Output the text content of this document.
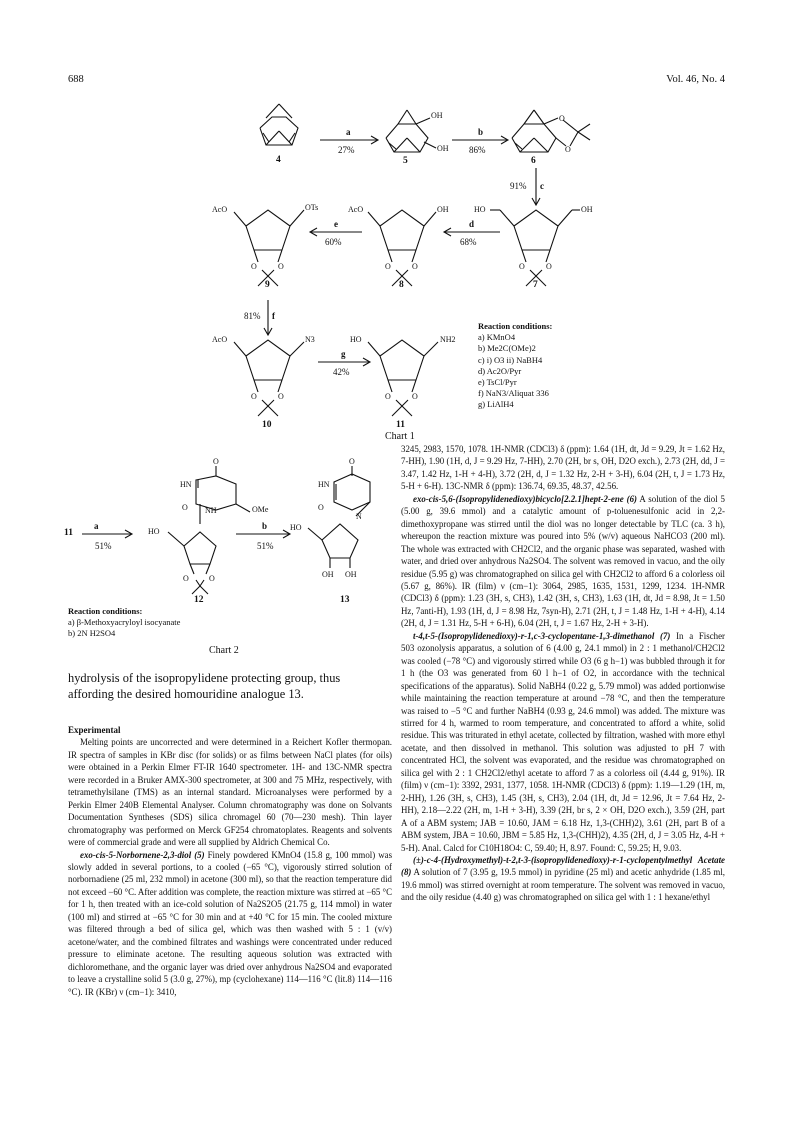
688	Vol. 46, No. 4
4	5	6
7
8
9
10	11
a	b
c
d
e
f
g
27%	86%
91%
68%
60%
81%
42%
OH
OH
O
O
HO	OH
O	O
AcO	OH
O	O
AcO	OTs
O	O
AcO	N3
O	O
HO	NH2
O	O
Reaction conditions:
a) KMnO4
b) Me2C(OMe)2
c) i) O3 ii) NaBH4
d) Ac2O/Pyr
e) TsCl/Pyr
f) NaN3/Aliquat 336
g) LiAlH4
Chart 1
11
a
51%
b
51%
12	13
O
HN
O NH	OMe
HO
O	O
O
HN
O
N
HO
OH OH
Reaction conditions:
a) β-Methoxyacryloyl isocyanate
b) 2N H2SO4
Chart 2
hydrolysis of the isopropylidene protecting group, thus affording the desired homouridine analogue 13.
Experimental

Melting points are uncorrected and were determined in a Reichert Kofler thermopan. IR spectra of samples in KBr disc (for solids) or as films between NaCl plates (for oils) were obtained in a Perkin Elmer FT-IR 1640 spectrometer. 1H- and 13C-NMR spectra were recorded in a Bruker AMX-300 spectrometer, at 300 and 75 MHz, respectively, with tetramethylsilane (TMS) as an internal standard. Microanalyses were performed by a Perkin Elmer 240B Elemental Analyser. Column chromatography was done on Solvants Documentation Syntheses (SDS) silica chromagel 60 (70—230 mesh). Thin layer chromatography was performed on Merck GF254 chromatoplates. Reagents and solvents were of commercial grade and were all supplied by Aldrich Chemical Co.

exo-cis-5-Norbornene-2,3-diol (5) Finely powdered KMnO4 (15.8 g, 100 mmol) was slowly added in several portions, to a cooled (−65 °C), vigorously stirred solution of norbornadiene (25 ml, 232 mmol) in acetone (300 ml), so that the reaction temperature did not exceed −60 °C. After addition was complete, the reaction mixture was stirred at −65 °C for 1 h, then treated with an ice-cold solution of Na2S2O5 (21.75 g, 114 mmol) in water (100 ml) and stirred at −65 °C for 30 min and at +40 °C for 15 min. The cooled mixture was filtered through a bed of silica gel, which was then washed with 5 : 1 (v/v) acetone/water, and the combined filtrates and washings were concentrated under reduced pressure to eliminate acetone. The resulting aqueous solution was extracted with dichloromethane, and the organic layer was dried over anhydrous Na2SO4 and evaporated to leave a crystalline solid 5 (3.0 g, 27%), mp (cyclohexane) 114—116 °C (lit.8) 114—116 °C). IR (KBr) ν (cm−1): 3410,

3245, 2983, 1570, 1078. 1H-NMR (CDCl3) δ (ppm): 1.64 (1H, dt, Jd = 9.29, Jt = 1.62 Hz, 7-HH), 1.90 (1H, d, J = 9.29 Hz, 7-HH), 2.70 (2H, br s, OH, D2O exch.), 2.73 (2H, dd, J = 3.47, 1.42 Hz, 1-H + 4-H), 3.72 (2H, d, J = 1.32 Hz, 2-H + 3-H), 6.04 (2H, t, J = 1.73 Hz, 5-H + 6-H). 13C-NMR δ (ppm): 136.74, 69.35, 48.37, 42.56.

exo-cis-5,6-(Isopropylidenedioxy)bicyclo[2.2.1]hept-2-ene (6) A solution of the diol 5 (5.00 g, 39.6 mmol) and a catalytic amount of p-toluenesulfonic acid in 2,2-dimethoxypropane was stirred until the diol was no longer detectable by TLC (ca. 3 h), whereupon the reaction mixture was poured into 5% (w/v) aqueous NaHCO3 (200 ml). The whole was extracted with CH2Cl2, and the organic phase was separated, washed with water, and dried over anhydrous Na2SO4. The solvent was removed in vacuo, and the oily residue (5.95 g) was chromatographed on silica gel with CH2Cl2 to afford 6 a colorless oil (5.67 g, 86%). IR (film) ν (cm−1): 3064, 2985, 1635, 1531, 1299, 1234. 1H-NMR (CDCl3) δ (ppm): 1.23 (3H, s, CH3), 1.42 (3H, s, CH3), 1.63 (1H, dt, Jd = 8.98, Jt = 1.50 Hz, 7anti-H), 1.93 (1H, d, J = 8.98 Hz, 7syn-H), 2.71 (2H, t, J = 1.48 Hz, 1-H + 4-H), 4.14 (2H, d, J = 1.31 Hz, 5-H + 6-H), 6.04 (2H, t, J = 1.67 Hz, 2-H + 3-H).

t-4,t-5-(Isopropylidenedioxy)-r-1,c-3-cyclopentane-1,3-dimethanol (7) In a Fischer 503 ozonolysis apparatus, a solution of 6 (4.00 g, 24.1 mmol) in 2 : 1 methanol/CH2Cl2 was cooled (−78 °C) and vigorously stirred while O3 (6 g h−1) was bubbled through it for 1 h (the O3 was generated from 60 l h−1 of O2, in accordance with the technical specifications of the apparatus). Solid NaBH4 (0.22 g, 5.79 mmol) was added portionwise while maintaining the reaction temperature at around −78 °C, and then the temperature was raised to −5 °C and further NaBH4 (0.93 g, 24.6 mmol) was added. The mixture was stirred for 4 h, warmed to room temperature, and concentrated to afford a white, solid residue. This was triturated in ethyl acetate, collected by filtration, washed with more ethyl acetate, and then dissolved in methanol. This solution was adjusted to pH 7 with concentrated HCl, the solvent was evaporated, and the residue was chromatographed on silica gel with 2 : 1 CH2Cl2/ethyl acetate to afford 7 as a colorless oil (4.44 g, 91%). IR (film) ν (cm−1): 3392, 2931, 1377, 1058. 1H-NMR (CDCl3) δ (ppm): 1.19—1.29 (1H, m, 2-HH), 1.26 (3H, s, CH3), 1.45 (3H, s, CH3), 2.04 (1H, dt, Jd = 12.96, Jt = 7.64 Hz, 2-HH), 2.18—2.22 (2H, m, 1-H + 3-H), 3.39 (2H, br s, 2 × OH, D2O exch.), 3.59 (2H, part A of a ABM system; JAB = 10.60, JAM = 6.18 Hz, 1,3-(CHH)2), 3.61 (2H, part B of a ABM system, JBA = 10.60, JBM = 5.85 Hz, 1,3-(CHH)2), 4.35 (2H, d, J = 3.05 Hz, 4-H + 5-H). Anal. Calcd for C10H18O4: C, 59.40; H, 8.97. Found: C, 59.25; H, 9.03.

(±)-c-4-(Hydroxymethyl)-t-2,t-3-(isopropylidenedioxy)-r-1-cyclopentylmethyl Acetate (8) A solution of 7 (3.95 g, 19.5 mmol) in pyridine (25 ml) and acetic anhydride (1.85 ml, 19.6 mmol) was stirred overnight at room temperature. The solvent was removed in vacuo, and the oily residue (4.40 g) was chromatographed on silica gel with 1 : 1 hexane/ethyl
